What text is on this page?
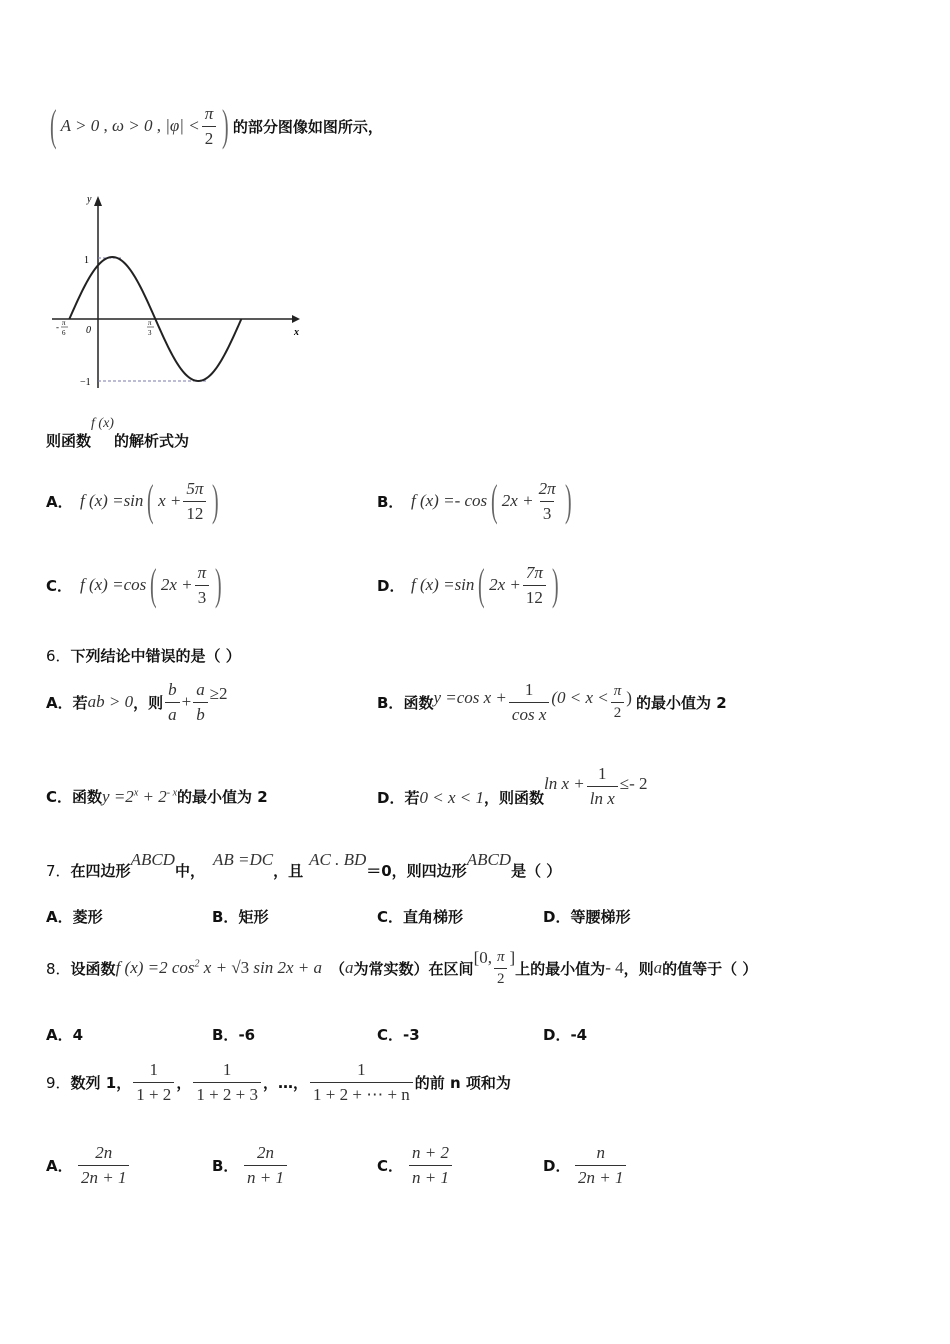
( A > 0 , ω > 0 , $|\varphi| < \frac{\pi}{2}$ ) 的部分图像如图所示，
y
x
0
1
−1
- π
6
π
3
则函数
f (x)
的解析式为
A． f (x) =sin ( $x + \frac{5\pi}{12}$ )	B． f (x) =- cos ( $2x + \frac{2\pi}{3}$ )
C． f (x) =cos ( $2x + \frac{\pi}{3}$ )	D． f (x) =sin ( $2x + \frac{7\pi}{12}$ )
6．下列结论中错误的是（ ）
A． 若 ab > 0 ，则 $\frac{b}{a} + \frac{a}{b} \ge 2$	B． 函数 y =cos $x + \frac{1}{\text{cos x}} (0 < x < \frac{\pi}{2}$ ) 的最小值为 2
C． 函数 $y =2^x + 2^{- x}$ 的最小值为 2	D． 若 0 < x < 1 ，则函数
$\ln x + \frac{1}{\text{ln x}} \le- 2$
7． 在四边形
ABCD
中，
AB =DC
，且
AC . BD
＝0，则四边形
ABCD
是（ ）
A．菱形	B．矩形	C．直角梯形	D．等腰梯形
8． 设函数 f (x) =2 $\cos^2 x + √3$ sin 2x + a （ a 为常实数）在区间
[0, $\frac{\pi}{2}$ ]
上的最小值为 - 4 ，则 a 的值等于（ ）
A．4	B．-6	C．-3	D．-4
9． 数列 1， $\frac{1}{1 + 2}$ ， $\frac{1}{1 + 2 + 3}$ ，…， $\frac{1}{1 + 2 + \cdots + n}$ 的前 n 项和为
A． $\frac{2n}{2n + 1}$	B． $\frac{2n}{n + 1}$	C． $\frac{n + 2}{n + 1}$	D． $\frac{n}{2n + 1}$
